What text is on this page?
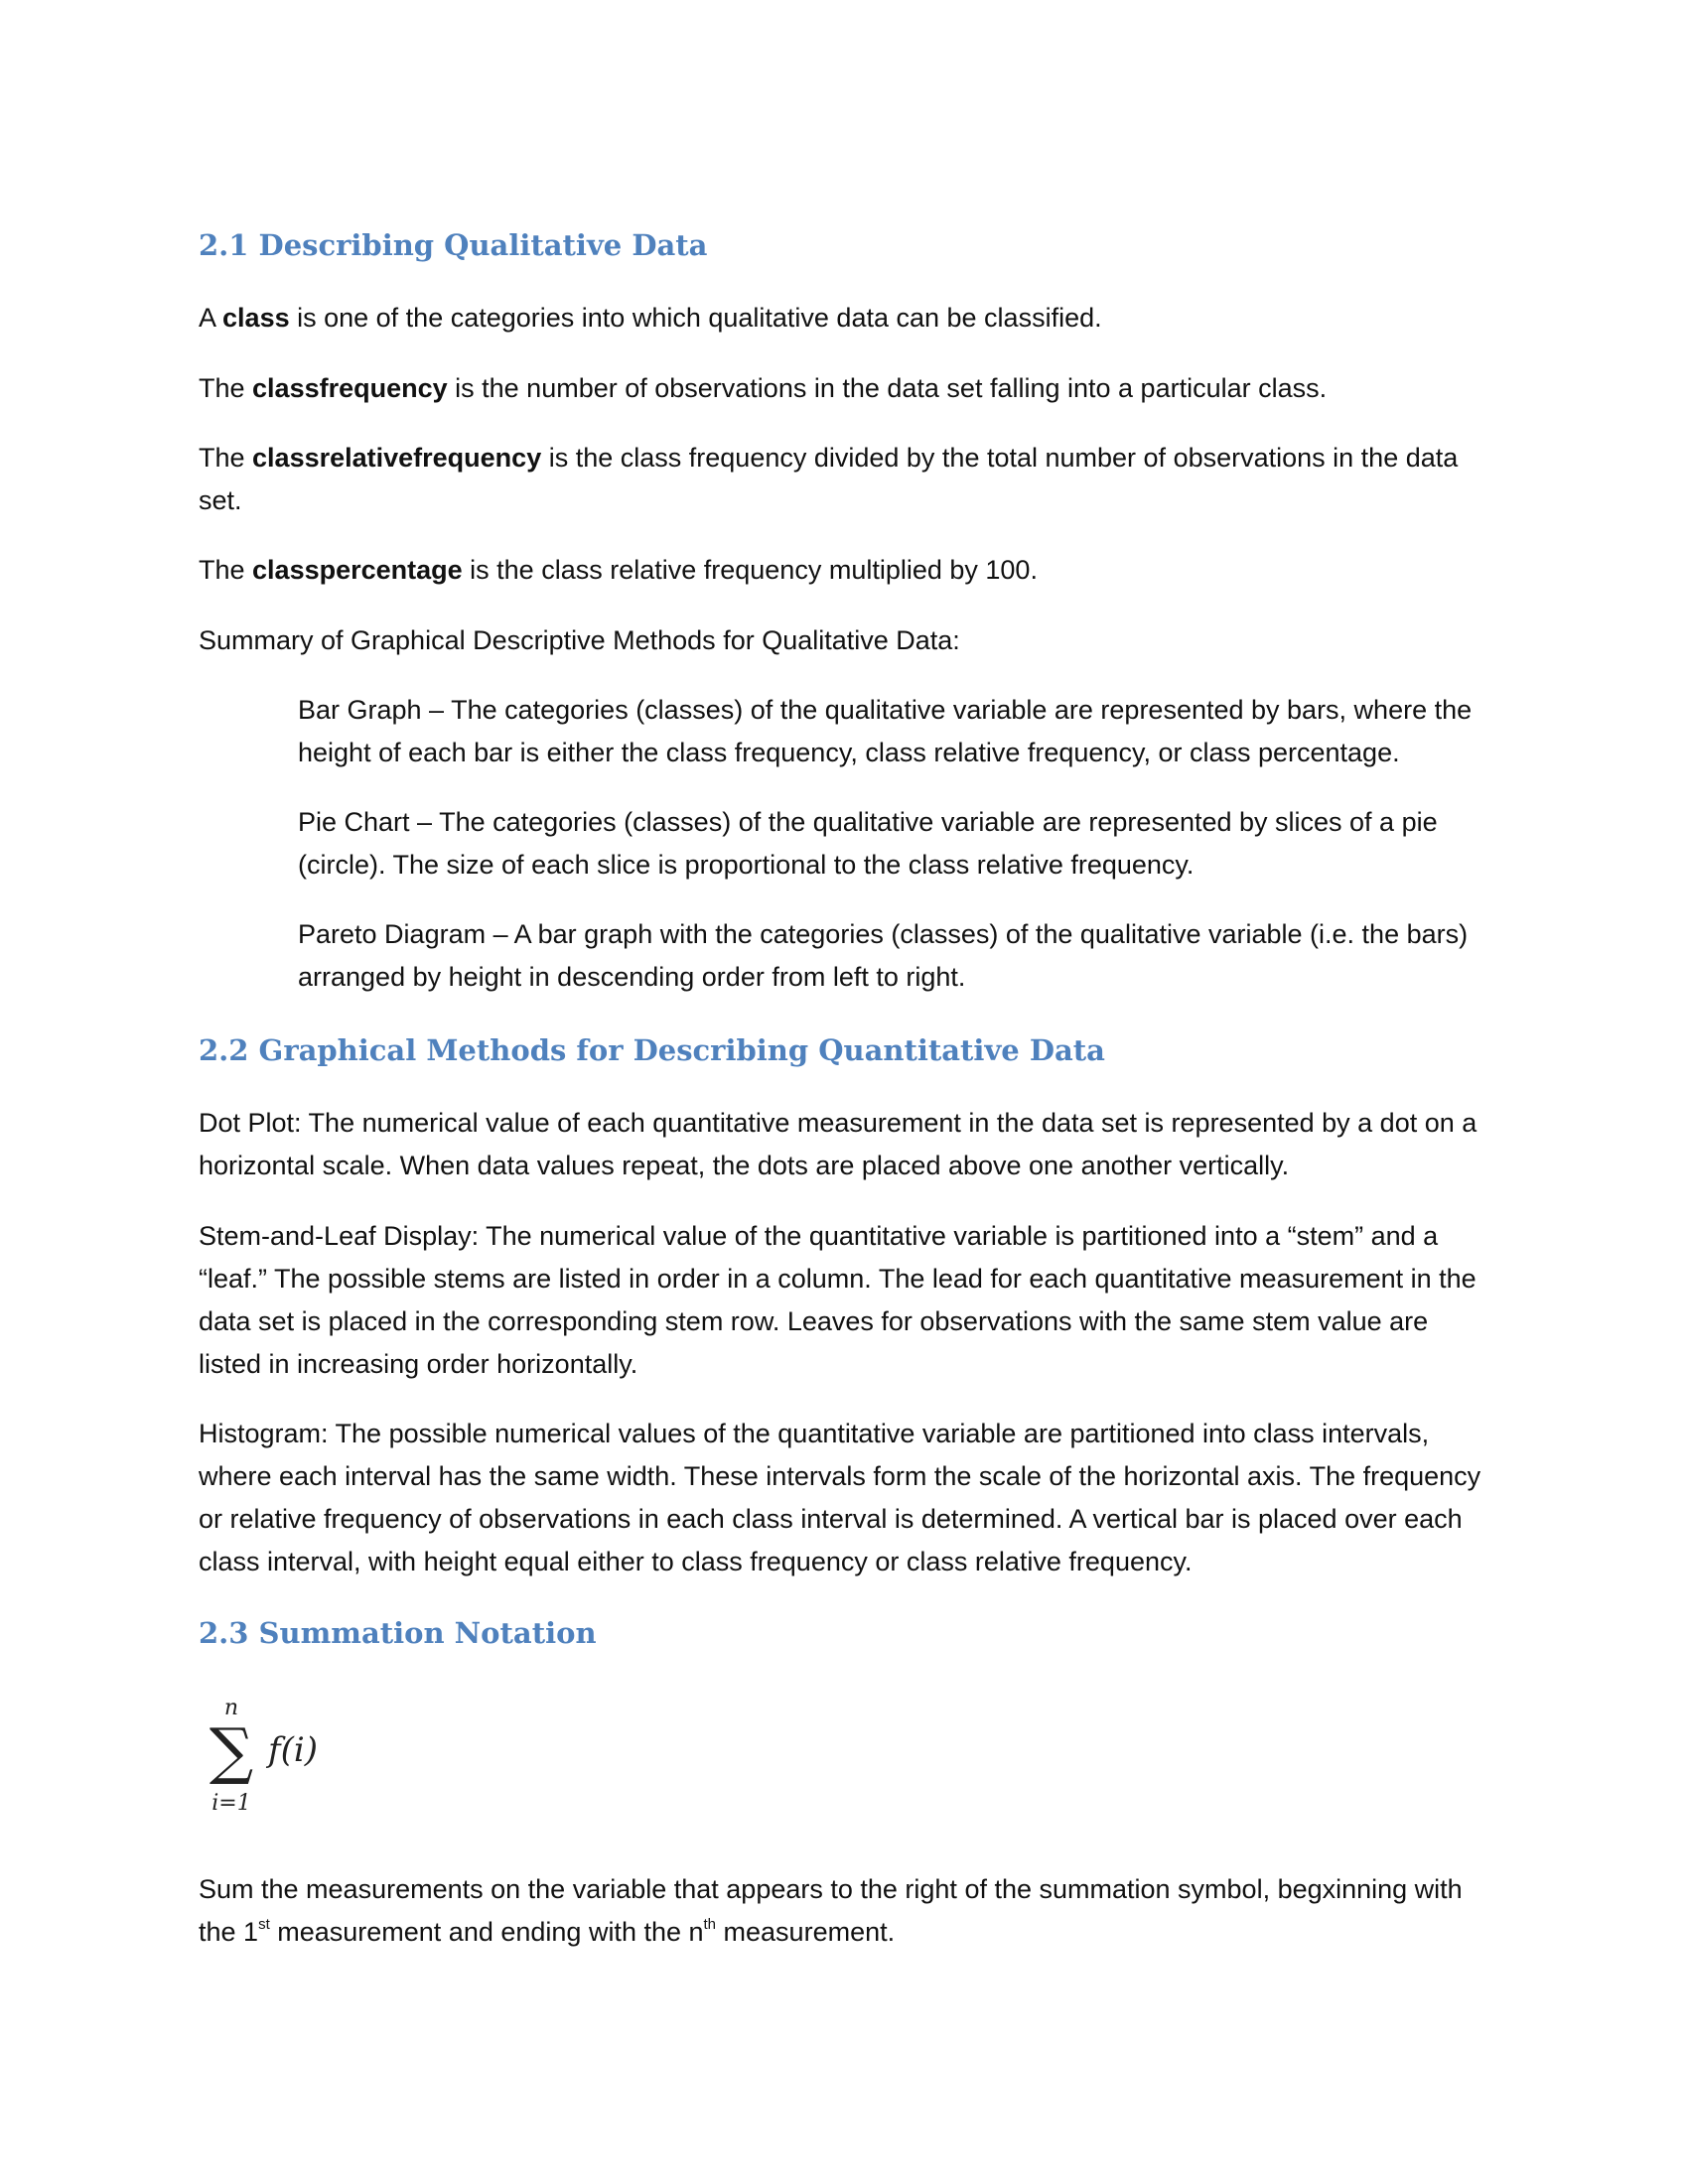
2.1 Describing Qualitative Data

A class is one of the categories into which qualitative data can be classified.

The classfrequency is the number of observations in the data set falling into a particular class.

The classrelativefrequency is the class frequency divided by the total number of observations in the data set.

The classpercentage is the class relative frequency multiplied by 100.

Summary of Graphical Descriptive Methods for Qualitative Data:

Bar Graph – The categories (classes) of the qualitative variable are represented by bars, where the height of each bar is either the class frequency, class relative frequency, or class percentage.

Pie Chart – The categories (classes) of the qualitative variable are represented by slices of a pie (circle). The size of each slice is proportional to the class relative frequency.

Pareto Diagram – A bar graph with the categories (classes) of the qualitative variable (i.e. the bars) arranged by height in descending order from left to right.

2.2 Graphical Methods for Describing Quantitative Data

Dot Plot: The numerical value of each quantitative measurement in the data set is represented by a dot on a horizontal scale. When data values repeat, the dots are placed above one another vertically.

Stem-and-Leaf Display: The numerical value of the quantitative variable is partitioned into a “stem” and a “leaf.” The possible stems are listed in order in a column. The lead for each quantitative measurement in the data set is placed in the corresponding stem row. Leaves for observations with the same stem value are listed in increasing order horizontally.

Histogram: The possible numerical values of the quantitative variable are partitioned into class intervals, where each interval has the same width. These intervals form the scale of the horizontal axis. The frequency or relative frequency of observations in each class interval is determined. A vertical bar is placed over each class interval, with height equal either to class frequency or class relative frequency.

2.3 Summation Notation
n
∑
i=1
f(i)

Sum the measurements on the variable that appears to the right of the summation symbol, begxinning with the 1st measurement and ending with the $n^{th}$ measurement.
